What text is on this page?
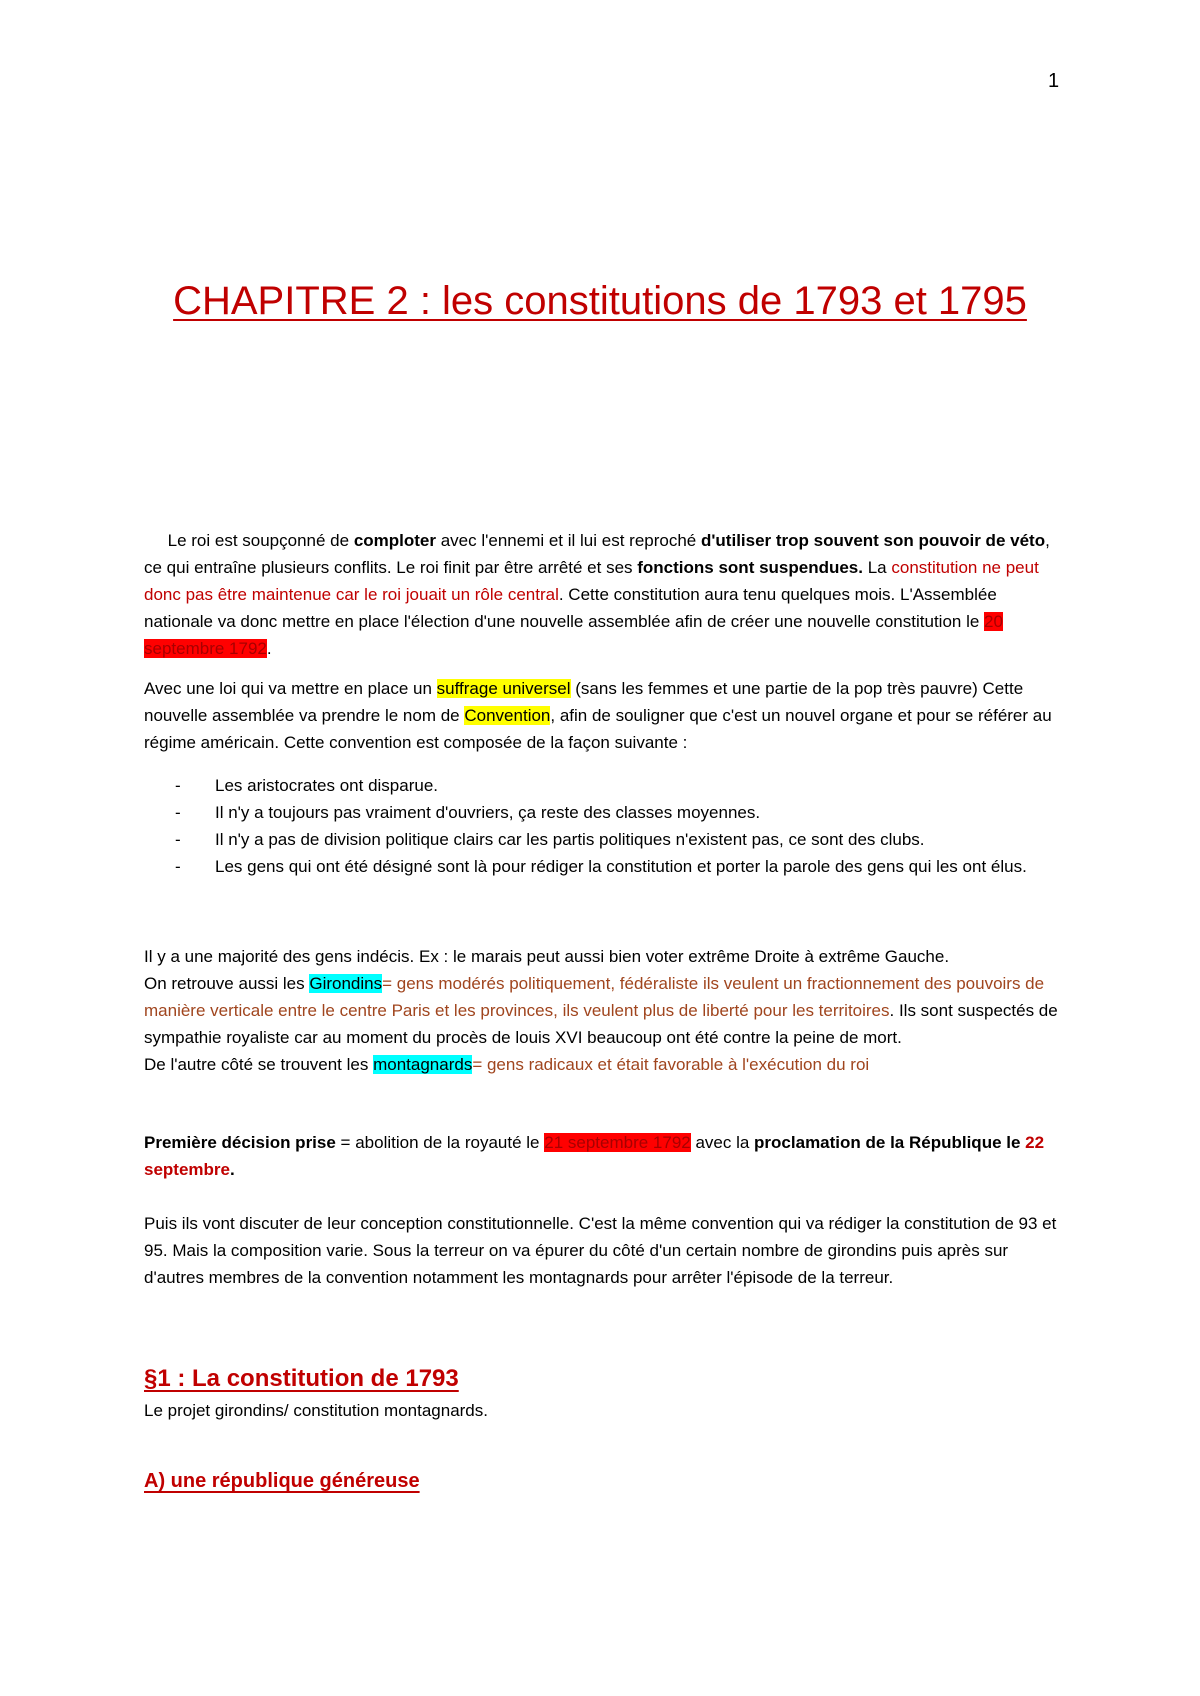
1
CHAPITRE 2 : les constitutions de 1793 et 1795

Le roi est soupçonné de comploter avec l'ennemi et il lui est reproché d'utiliser trop souvent son pouvoir de véto, ce qui entraîne plusieurs conflits. Le roi finit par être arrêté et ses fonctions sont suspendues. La constitution ne peut donc pas être maintenue car le roi jouait un rôle central. Cette constitution aura tenu quelques mois. L'Assemblée nationale va donc mettre en place l'élection d'une nouvelle assemblée afin de créer une nouvelle constitution le 20 septembre 1792.

Avec une loi qui va mettre en place un suffrage universel (sans les femmes et une partie de la pop très pauvre) Cette nouvelle assemblée va prendre le nom de Convention, afin de souligner que c'est un nouvel organe et pour se référer au régime américain. Cette convention est composée de la façon suivante :

-	Les aristocrates ont disparue.
-	Il n'y a toujours pas vraiment d'ouvriers, ça reste des classes moyennes.
-	Il n'y a pas de division politique clairs car les partis politiques n'existent pas, ce sont des clubs.
-	Les gens qui ont été désigné sont là pour rédiger la constitution et porter la parole des gens qui les ont élus.

Il y a une majorité des gens indécis. Ex : le marais peut aussi bien voter extrême Droite à extrême Gauche.

On retrouve aussi les Girondins= gens modérés politiquement, fédéraliste ils veulent un fractionnement des pouvoirs de manière verticale entre le centre Paris et les provinces, ils veulent plus de liberté pour les territoires. Ils sont suspectés de sympathie royaliste car au moment du procès de louis XVI beaucoup ont été contre la peine de mort.

De l'autre côté se trouvent les montagnards= gens radicaux et était favorable à l'exécution du roi

Première décision prise = abolition de la royauté le 21 septembre 1792 avec la proclamation de la République le 22 septembre.

Puis ils vont discuter de leur conception constitutionnelle. C'est la même convention qui va rédiger la constitution de 93 et 95. Mais la composition varie. Sous la terreur on va épurer du côté d'un certain nombre de girondins puis après sur d'autres membres de la convention notamment les montagnards pour arrêter l'épisode de la terreur.

§1 : La constitution de 1793
Le projet girondins/ constitution montagnards.
A) une république généreuse
